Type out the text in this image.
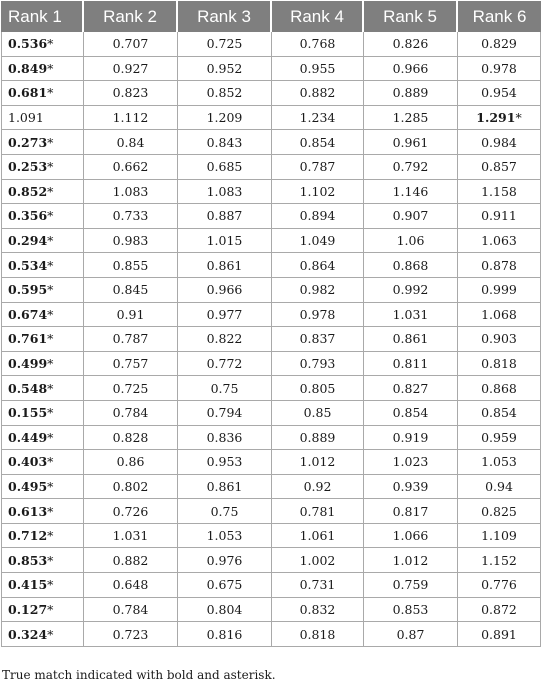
Rank 1	Rank 2	Rank 3	Rank 4	Rank 5	Rank 6
0.536*	0.707	0.725	0.768	0.826	0.829
0.849*	0.927	0.952	0.955	0.966	0.978
0.681*	0.823	0.852	0.882	0.889	0.954
1.091	1.112	1.209	1.234	1.285	1.291*
0.273*	0.84	0.843	0.854	0.961	0.984
0.253*	0.662	0.685	0.787	0.792	0.857
0.852*	1.083	1.083	1.102	1.146	1.158
0.356*	0.733	0.887	0.894	0.907	0.911
0.294*	0.983	1.015	1.049	1.06	1.063
0.534*	0.855	0.861	0.864	0.868	0.878
0.595*	0.845	0.966	0.982	0.992	0.999
0.674*	0.91	0.977	0.978	1.031	1.068
0.761*	0.787	0.822	0.837	0.861	0.903
0.499*	0.757	0.772	0.793	0.811	0.818
0.548*	0.725	0.75	0.805	0.827	0.868
0.155*	0.784	0.794	0.85	0.854	0.854
0.449*	0.828	0.836	0.889	0.919	0.959
0.403*	0.86	0.953	1.012	1.023	1.053
0.495*	0.802	0.861	0.92	0.939	0.94
0.613*	0.726	0.75	0.781	0.817	0.825
0.712*	1.031	1.053	1.061	1.066	1.109
0.853*	0.882	0.976	1.002	1.012	1.152
0.415*	0.648	0.675	0.731	0.759	0.776
0.127*	0.784	0.804	0.832	0.853	0.872
0.324*	0.723	0.816	0.818	0.87	0.891
True match indicated with bold and asterisk.
